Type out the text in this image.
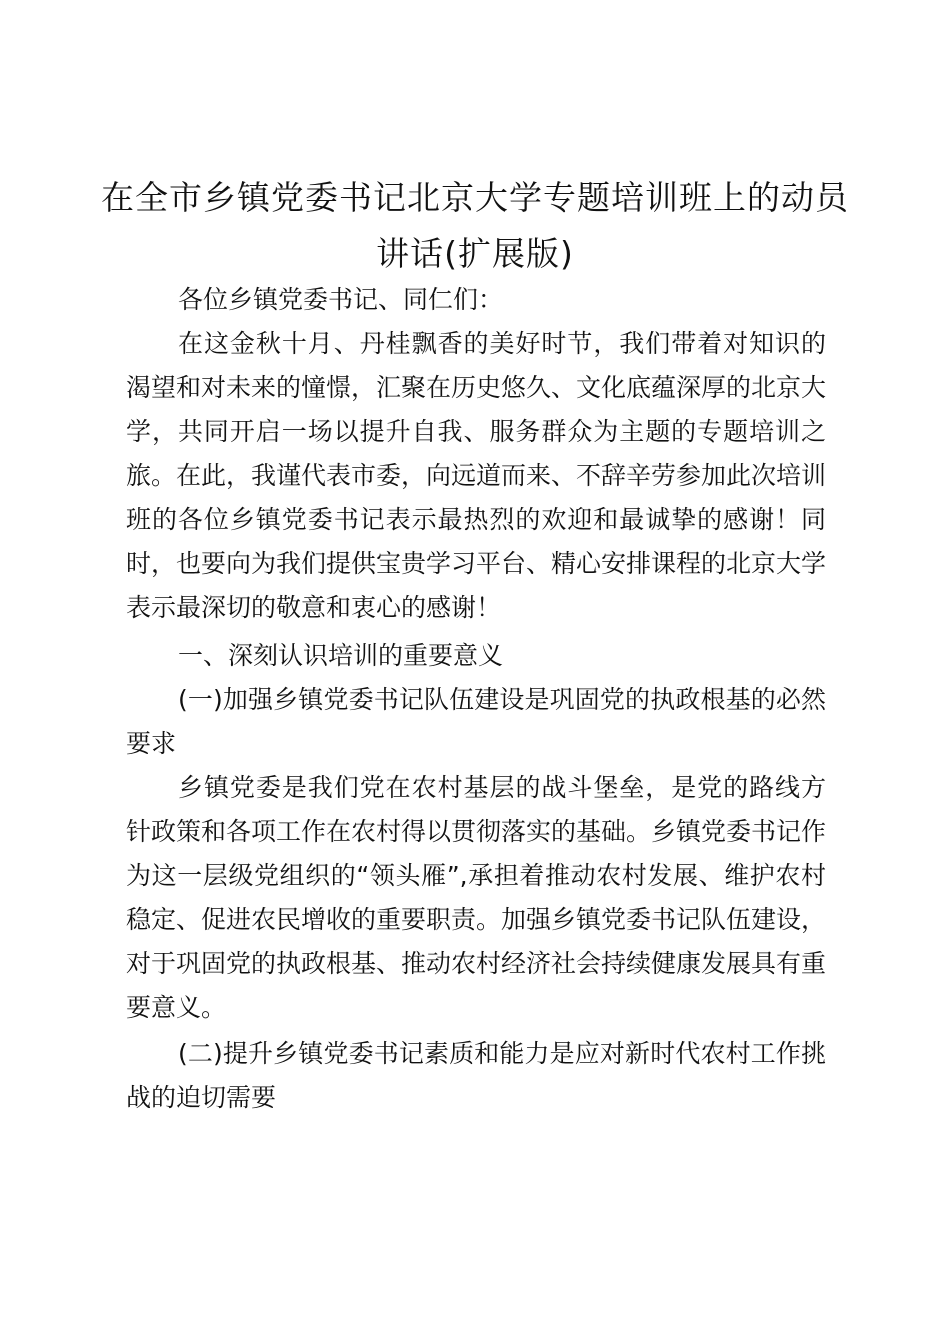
在全市乡镇党委书记北京大学专题培训班上的动员讲话(扩展版)

各位乡镇党委书记、同仁们：

在这金秋十月、丹桂飘香的美好时节，我们带着对知识的渴望和对未来的憧憬，汇聚在历史悠久、文化底蕴深厚的北京大学，共同开启一场以提升自我、服务群众为主题的专题培训之旅。在此，我谨代表市委，向远道而来、不辞辛劳参加此次培训班的各位乡镇党委书记表示最热烈的欢迎和最诚挚的感谢！同时，也要向为我们提供宝贵学习平台、精心安排课程的北京大学表示最深切的敬意和衷心的感谢！

一、深刻认识培训的重要意义

(一)加强乡镇党委书记队伍建设是巩固党的执政根基的必然要求

乡镇党委是我们党在农村基层的战斗堡垒，是党的路线方针政策和各项工作在农村得以贯彻落实的基础。乡镇党委书记作为这一层级党组织的“领头雁”,承担着推动农村发展、维护农村稳定、促进农民增收的重要职责。加强乡镇党委书记队伍建设，对于巩固党的执政根基、推动农村经济社会持续健康发展具有重要意义。

(二)提升乡镇党委书记素质和能力是应对新时代农村工作挑战的迫切需要
